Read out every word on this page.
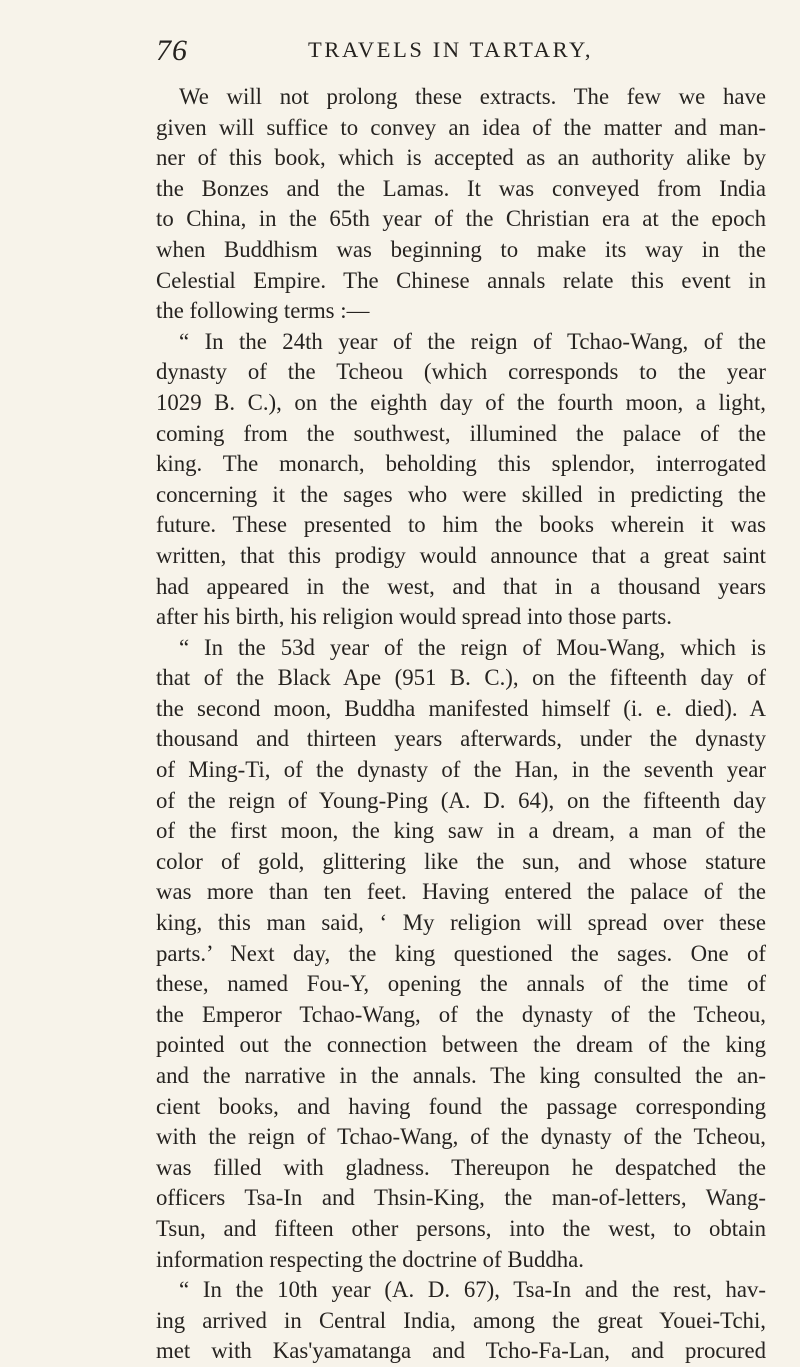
76	TRAVELS IN TARTARY,
We will not prolong these extracts. The few we have
given will suffice to convey an idea of the matter and man-
ner of this book, which is accepted as an authority alike by
the Bonzes and the Lamas. It was conveyed from India
to China, in the 65th year of the Christian era at the epoch
when Buddhism was beginning to make its way in the
Celestial Empire. The Chinese annals relate this event in
the following terms :—
“ In the 24th year of the reign of Tchao-Wang, of the
dynasty of the Tcheou (which corresponds to the year
1029 B. C.), on the eighth day of the fourth moon, a light,
coming from the southwest, illumined the palace of the
king. The monarch, beholding this splendor, interrogated
concerning it the sages who were skilled in predicting the
future. These presented to him the books wherein it was
written, that this prodigy would announce that a great saint
had appeared in the west, and that in a thousand years
after his birth, his religion would spread into those parts.
“ In the 53d year of the reign of Mou-Wang, which is
that of the Black Ape (951 B. C.), on the fifteenth day of
the second moon, Buddha manifested himself (i. e. died). A
thousand and thirteen years afterwards, under the dynasty
of Ming-Ti, of the dynasty of the Han, in the seventh year
of the reign of Young-Ping (A. D. 64), on the fifteenth day
of the first moon, the king saw in a dream, a man of the
color of gold, glittering like the sun, and whose stature
was more than ten feet. Having entered the palace of the
king, this man said, ‘ My religion will spread over these
parts.’ Next day, the king questioned the sages. One of
these, named Fou-Y, opening the annals of the time of
the Emperor Tchao-Wang, of the dynasty of the Tcheou,
pointed out the connection between the dream of the king
and the narrative in the annals. The king consulted the an-
cient books, and having found the passage corresponding
with the reign of Tchao-Wang, of the dynasty of the Tcheou,
was filled with gladness. Thereupon he despatched the
officers Tsa-In and Thsin-King, the man-of-letters, Wang-
Tsun, and fifteen other persons, into the west, to obtain
information respecting the doctrine of Buddha.
“ In the 10th year (A. D. 67), Tsa-In and the rest, hav-
ing arrived in Central India, among the great Youei-Tchi,
met with Kas'yamatanga and Tcho-Fa-Lan, and procured
